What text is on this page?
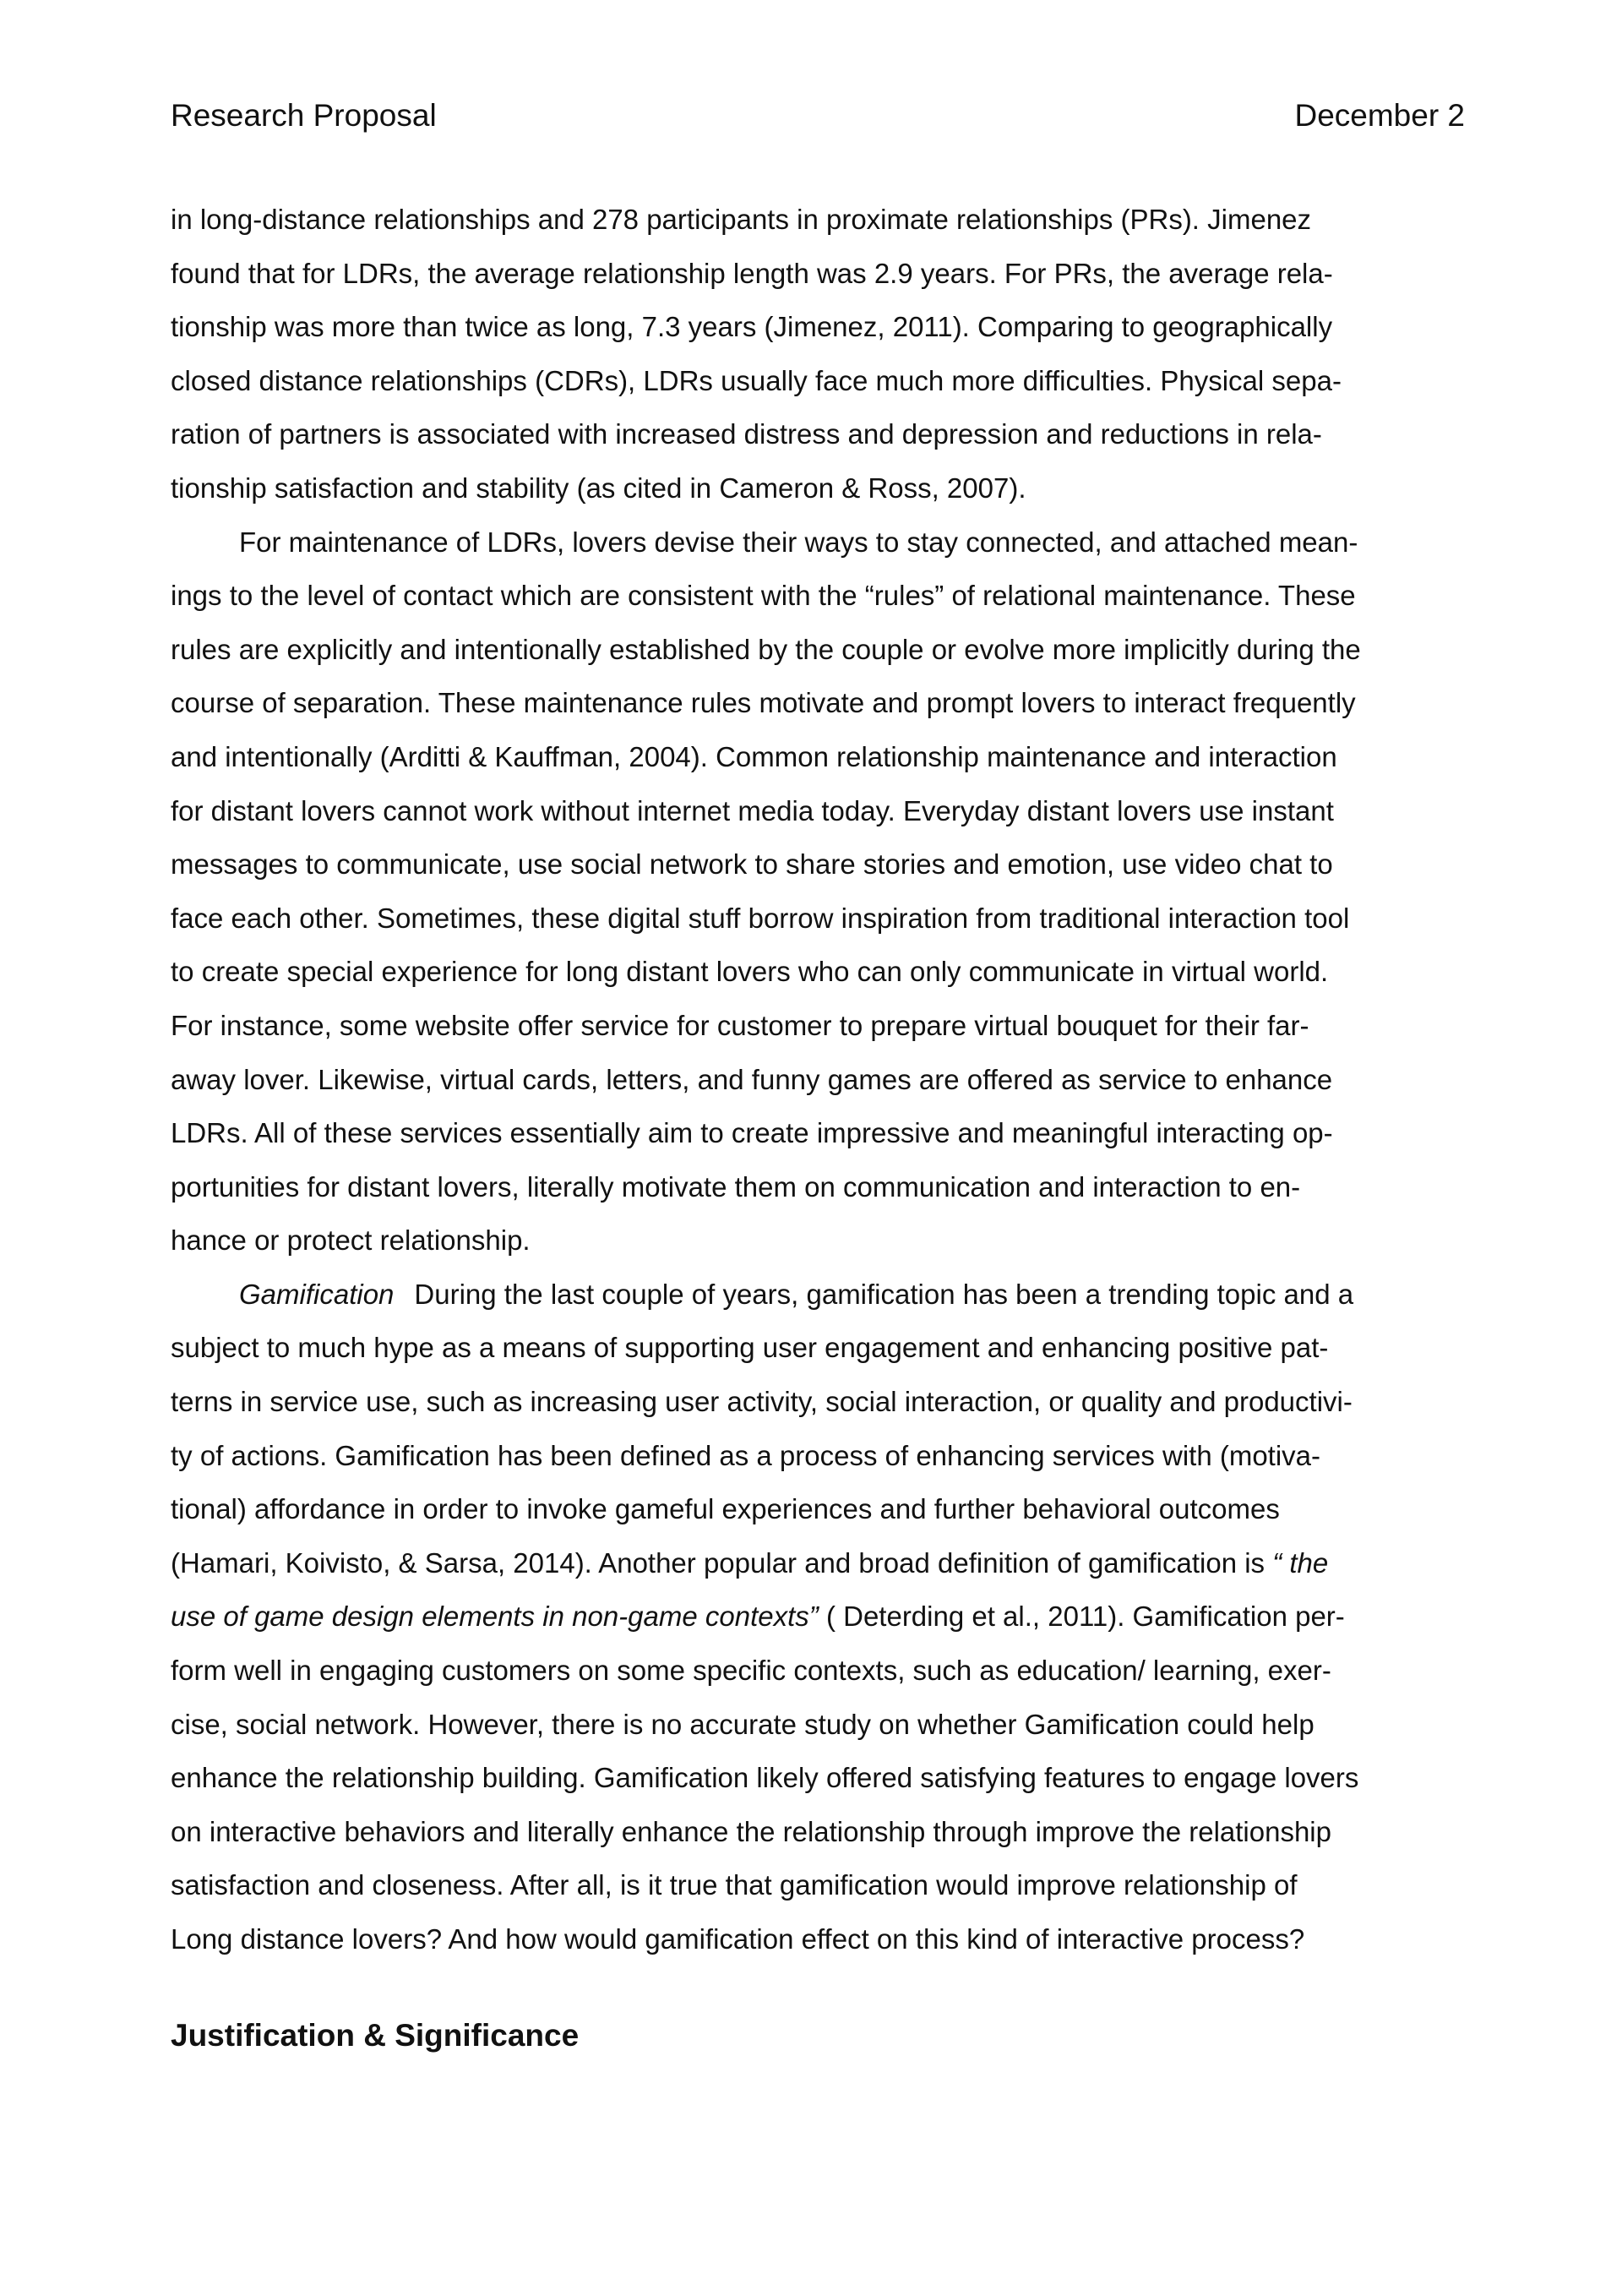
Research Proposal	December 2
in long-distance relationships and 278 participants in proximate relationships (PRs). Jimenez
found that for LDRs, the average relationship length was 2.9 years. For PRs, the average rela-
tionship was more than twice as long, 7.3 years (Jimenez, 2011). Comparing to geographically
closed distance relationships (CDRs), LDRs usually face much more difficulties. Physical sepa-
ration of partners is associated with increased distress and depression and reductions in rela-
tionship satisfaction and stability (as cited in Cameron & Ross, 2007).
For maintenance of LDRs, lovers devise their ways to stay connected, and attached mean-
ings to the level of contact which are consistent with the “rules” of relational maintenance. These
rules are explicitly and intentionally established by the couple or evolve more implicitly during the
course of separation. These maintenance rules motivate and prompt lovers to interact frequently
and intentionally (Arditti & Kauffman, 2004). Common relationship maintenance and interaction
for distant lovers cannot work without internet media today. Everyday distant lovers use instant
messages to communicate, use social network to share stories and emotion, use video chat to
face each other. Sometimes, these digital stuff borrow inspiration from traditional interaction tool
to create special experience for long distant lovers who can only communicate in virtual world.
For instance, some website offer service for customer to prepare virtual bouquet for their far-
away lover. Likewise, virtual cards, letters, and funny games are offered as service to enhance
LDRs. All of these services essentially aim to create impressive and meaningful interacting op-
portunities for distant lovers, literally motivate them on communication and interaction to en-
hance or protect relationship.
Gamification During the last couple of years, gamification has been a trending topic and a
subject to much hype as a means of supporting user engagement and enhancing positive pat-
terns in service use, such as increasing user activity, social interaction, or quality and productivi-
ty of actions. Gamification has been defined as a process of enhancing services with (motiva-
tional) affordance in order to invoke gameful experiences and further behavioral outcomes
(Hamari, Koivisto, & Sarsa, 2014). Another popular and broad definition of gamification is “ the
use of game design elements in non-game contexts” ( Deterding et al., 2011). Gamification per-
form well in engaging customers on some specific contexts, such as education/ learning, exer-
cise, social network. However, there is no accurate study on whether Gamification could help
enhance the relationship building. Gamification likely offered satisfying features to engage lovers
on interactive behaviors and literally enhance the relationship through improve the relationship
satisfaction and closeness. After all, is it true that gamification would improve relationship of
Long distance lovers? And how would gamification effect on this kind of interactive process?
Justification & Significance
